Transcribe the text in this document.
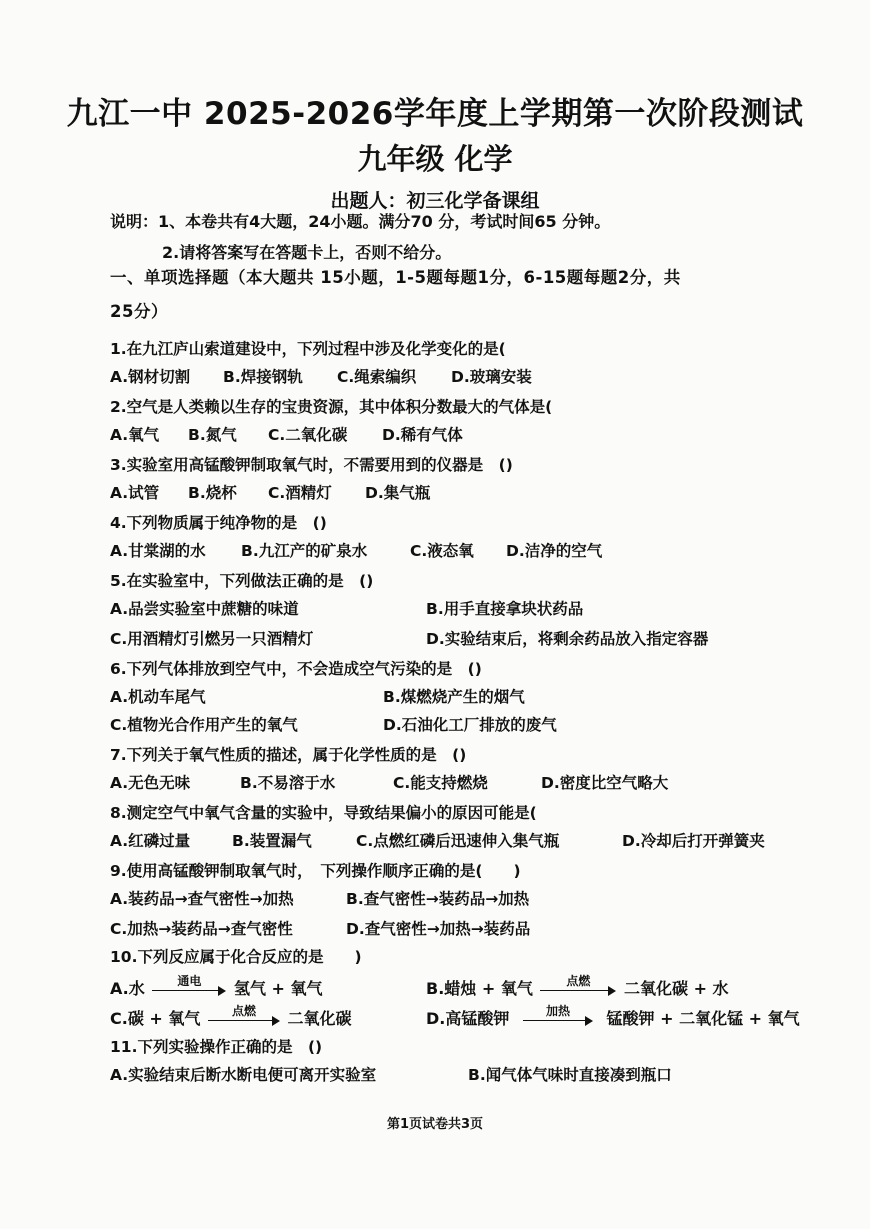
九江一中 2025-2026学年度上学期第一次阶段测试
九年级 化学
出题人：初三化学备课组
说明：1、本卷共有4大题，24小题。满分70 分，考试时间65 分钟。
2.请将答案写在答题卡上，否则不给分。
一、单项选择题（本大题共 15小题，1-5题每题1分，6-15题每题2分，共
25分）
1.在九江庐山索道建设中，下列过程中涉及化学变化的是(
A.钢材切割 B.焊接钢轨 C.绳索编织 D.玻璃安装
2.空气是人类赖以生存的宝贵资源，其中体积分数最大的气体是(
A.氧气 B.氮气 C.二氧化碳 D.稀有气体
3.实验室用高锰酸钾制取氧气时，不需要用到的仪器是　()
A.试管 B.烧杯 C.酒精灯 D.集气瓶
4.下列物质属于纯净物的是　()
A.甘棠湖的水 B.九江产的矿泉水	C.液态氧 D.洁净的空气
5.在实验室中，下列做法正确的是　()
A.品尝实验室中蔗糖的味道	B.用手直接拿块状药品
C.用酒精灯引燃另一只酒精灯	D.实验结束后，将剩余药品放入指定容器
6.下列气体排放到空气中，不会造成空气污染的是　()
A.机动车尾气	B.煤燃烧产生的烟气
C.植物光合作用产生的氧气	D.石油化工厂排放的废气
7.下列关于氧气性质的描述，属于化学性质的是　()
A.无色无味	B.不易溶于水	C.能支持燃烧	D.密度比空气略大
8.测定空气中氧气含量的实验中，导致结果偏小的原因可能是(
A.红磷过量	B.装置漏气	C.点燃红磷后迅速伸入集气瓶	D.冷却后打开弹簧夹
9.使用高锰酸钾制取氧气时，　下列操作顺序正确的是(　　)
A.装药品→查气密性→加热	B.查气密性→装药品→加热
C.加热→装药品→查气密性	D.查气密性→加热→装药品
10.下列反应属于化合反应的是　　)
A.水	通电	氢气 + 氧气	B.蜡烛 + 氧气	点燃	二氧化碳 + 水
C.碳 + 氧气	点燃	二氧化碳	D.高锰酸钾	加热	锰酸钾 + 二氧化锰 + 氧气
11.下列实验操作正确的是　()
A.实验结束后断水断电便可离开实验室	B.闻气体气味时直接凑到瓶口
第1页试卷共3页
